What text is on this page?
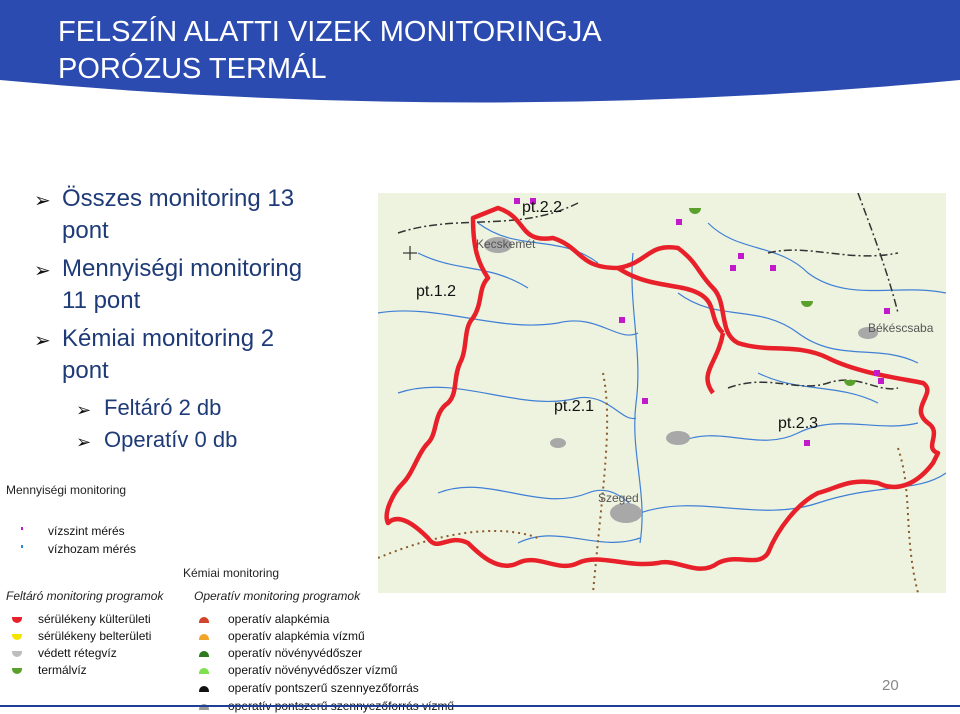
FELSZÍN ALATTI VIZEK MONITORINGJA
PORÓZUS TERMÁL
➢ Összes monitoring 13
pont
➢ Mennyiségi monitoring
11 pont
➢ Kémiai monitoring 2
pont
➢ Feltáró 2 db
➢ Operatív 0 db
pt.2.2
pt.1.2
pt.2.1
pt.2.3
Kecskemét
Békéscsaba
Szeged
Mennyiségi monitoring
vízszint mérés
vízhozam mérés
Feltáró monitoring programok
sérülékeny külterületi
sérülékeny belterületi
védett rétegvíz
termálvíz
Kémiai monitoring
Operatív monitoring programok
operatív alapkémia
operatív alapkémia vízmű
operatív növényvédőszer
operatív növényvédőszer vízmű
operatív pontszerű szennyezőforrás	20
